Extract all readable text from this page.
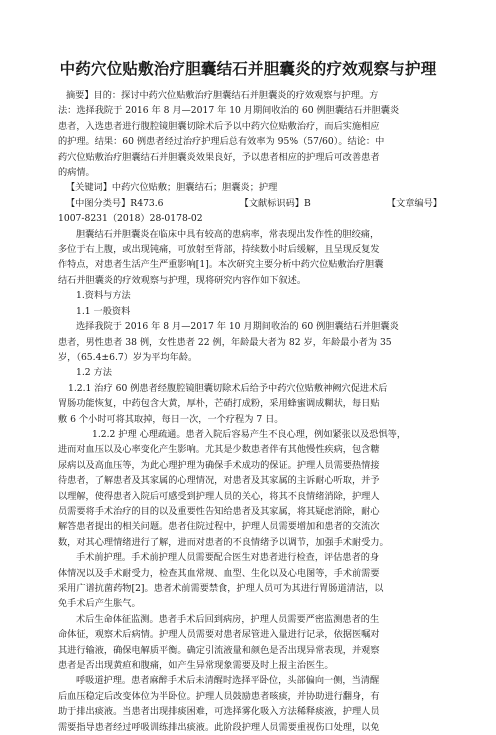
中药穴位贴敷治疗胆囊结石并胆囊炎的疗效观察与护理

摘要】目的：探讨中药穴位贴敷治疗胆囊结石并胆囊炎的疗效观察与护理。方

法：选择我院于 2016 年 8 月—2017 年 10 月期间收治的 60 例胆囊结石并胆囊炎

患者，入选患者进行腹腔镜胆囊切除术后予以中药穴位贴敷治疗，而后实施相应

的护理。结果：60 例患者经过治疗护理后总有效率为 95%（57/60）。结论：中

药穴位贴敷治疗胆囊结石并胆囊炎效果良好，予以患者相应的护理后可改善患者

的病情。

【关键词】中药穴位贴敷；胆囊结石；胆囊炎；护理

【中图分类号】R473.6	【文献标识码】B	【文章编号】

1007-8231（2018）28-0178-02

胆囊结石并胆囊炎在临床中具有较高的患病率，常表现出发作性的胆绞痛，

多位于右上腹，或出现钝痛，可放射至背部，持续数小时后缓解，且呈现反复发

作特点，对患者生活产生严重影响[1]。本次研究主要分析中药穴位贴敷治疗胆囊

结石并胆囊炎的疗效观察与护理，现将研究内容作如下叙述。

1.资料与方法

1.1 一般资料

选择我院于 2016 年 8 月—2017 年 10 月期间收治的 60 例胆囊结石并胆囊炎

患者，男性患者 38 例，女性患者 22 例，年龄最大者为 82 岁，年龄最小者为 35

岁，（65.4±6.7）岁为平均年龄。

1.2 方法

1.2.1 治疗 60 例患者经腹腔镜胆囊切除术后给予中药穴位贴敷神阙穴促进术后

胃肠功能恢复，中药包含大黄，厚朴，芒硝打成粉，采用蜂蜜调成糊状，每日贴

敷 6 个小时可将其取掉，每日一次，一个疗程为 7 日。

1.2.2 护理 心理疏通。患者入院后容易产生不良心理，例如紧张以及恐惧等，

进而对血压以及心率变化产生影响。尤其是少数患者伴有其他慢性疾病，包含糖

尿病以及高血压等，为此心理护理为确保手术成功的保证。护理人员需要热情接

待患者，了解患者及其家属的心理情况，对患者及其家属的主诉耐心听取，并予

以理解，使得患者入院后可感受到护理人员的关心，将其不良情绪消除，护理人

员需要将手术治疗的目的以及重要性告知给患者及其家属，将其疑虑消除，耐心

解答患者提出的相关问题。患者住院过程中，护理人员需要增加和患者的交流次

数，对其心理情绪进行了解，进而对患者的不良情绪予以调节，加强手术耐受力。

手术前护理。手术前护理人员需要配合医生对患者进行检查，评估患者的身

体情况以及手术耐受力，检查其血常规、血型、生化以及心电图等，手术前需要

采用广谱抗菌药物[2]。患者术前需要禁食，护理人员可为其进行胃肠道清洁，以

免手术后产生胀气。

术后生命体征监测。患者手术后回到病房，护理人员需要严密监测患者的生

命体征，观察术后病情。护理人员需要对患者尿管进入量进行记录，依据医嘱对

其进行输液，确保电解质平衡。确定引流液量和颜色是否出现异常表现，并观察

患者是否出现黄疸和腹痛，如产生异常现象需要及时上报主治医生。

呼吸道护理。患者麻醉手术后未清醒时选择平卧位，头部偏向一侧，当清醒

后血压稳定后改变体位为半卧位。护理人员鼓励患者咳痰，并协助进行翻身，有

助于排出痰液。当患者出现排痰困难，可选择雾化吸入方法稀释痰液，护理人员

需要指导患者经过呼吸训练排出痰液。此阶段护理人员需要重视伤口处理，以免
